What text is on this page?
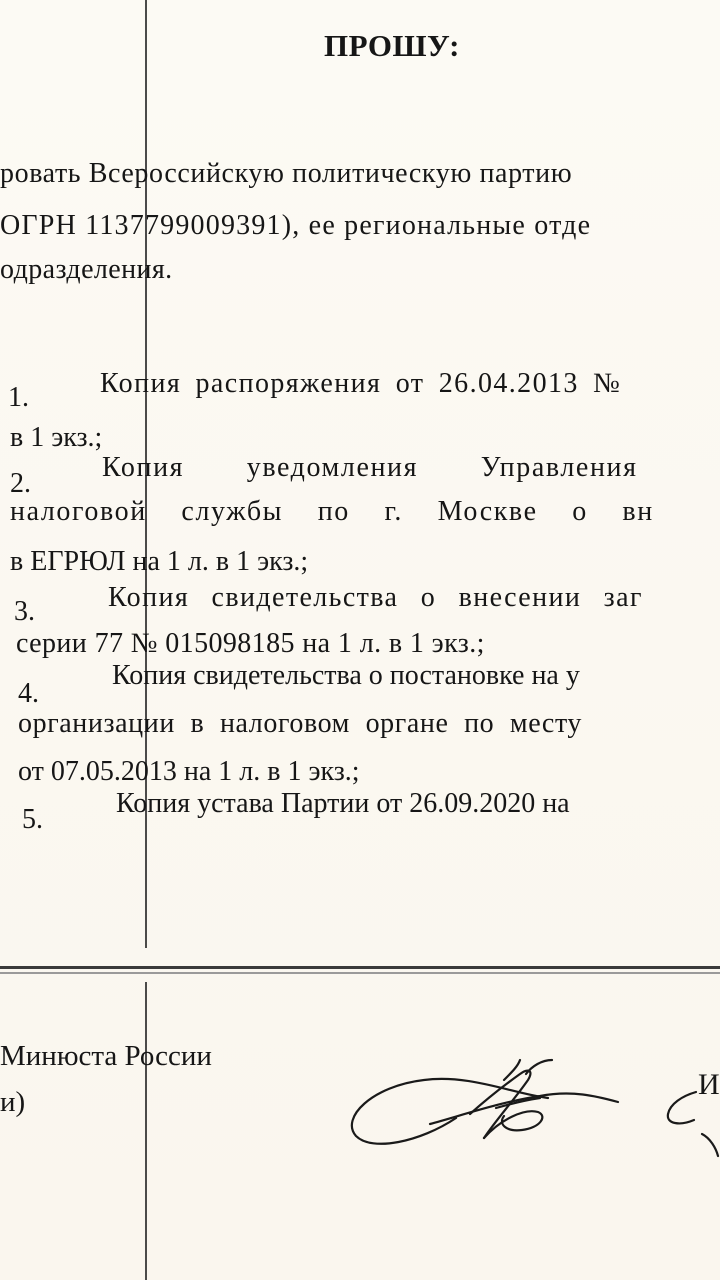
ПРОШУ:
ровать Всероссийскую политическую партию
ОГРН 1137799009391), ее региональные отде
одразделения.
1.	Копия распоряжения от 26.04.2013 №
в 1 экз.;
2.
Копия уведомления Управления
налоговой службы по г. Москве о вн
в ЕГРЮЛ на 1 л. в 1 экз.;
3.	Копия свидетельства о внесении заг
серии 77 № 015098185 на 1 л. в 1 экз.;
4.
Копия свидетельства о постановке на у
организации в налоговом органе по месту
от 07.05.2013 на 1 л. в 1 экз.;
5.
Копия устава Партии от 26.09.2020 на
Минюста России
и)
И
